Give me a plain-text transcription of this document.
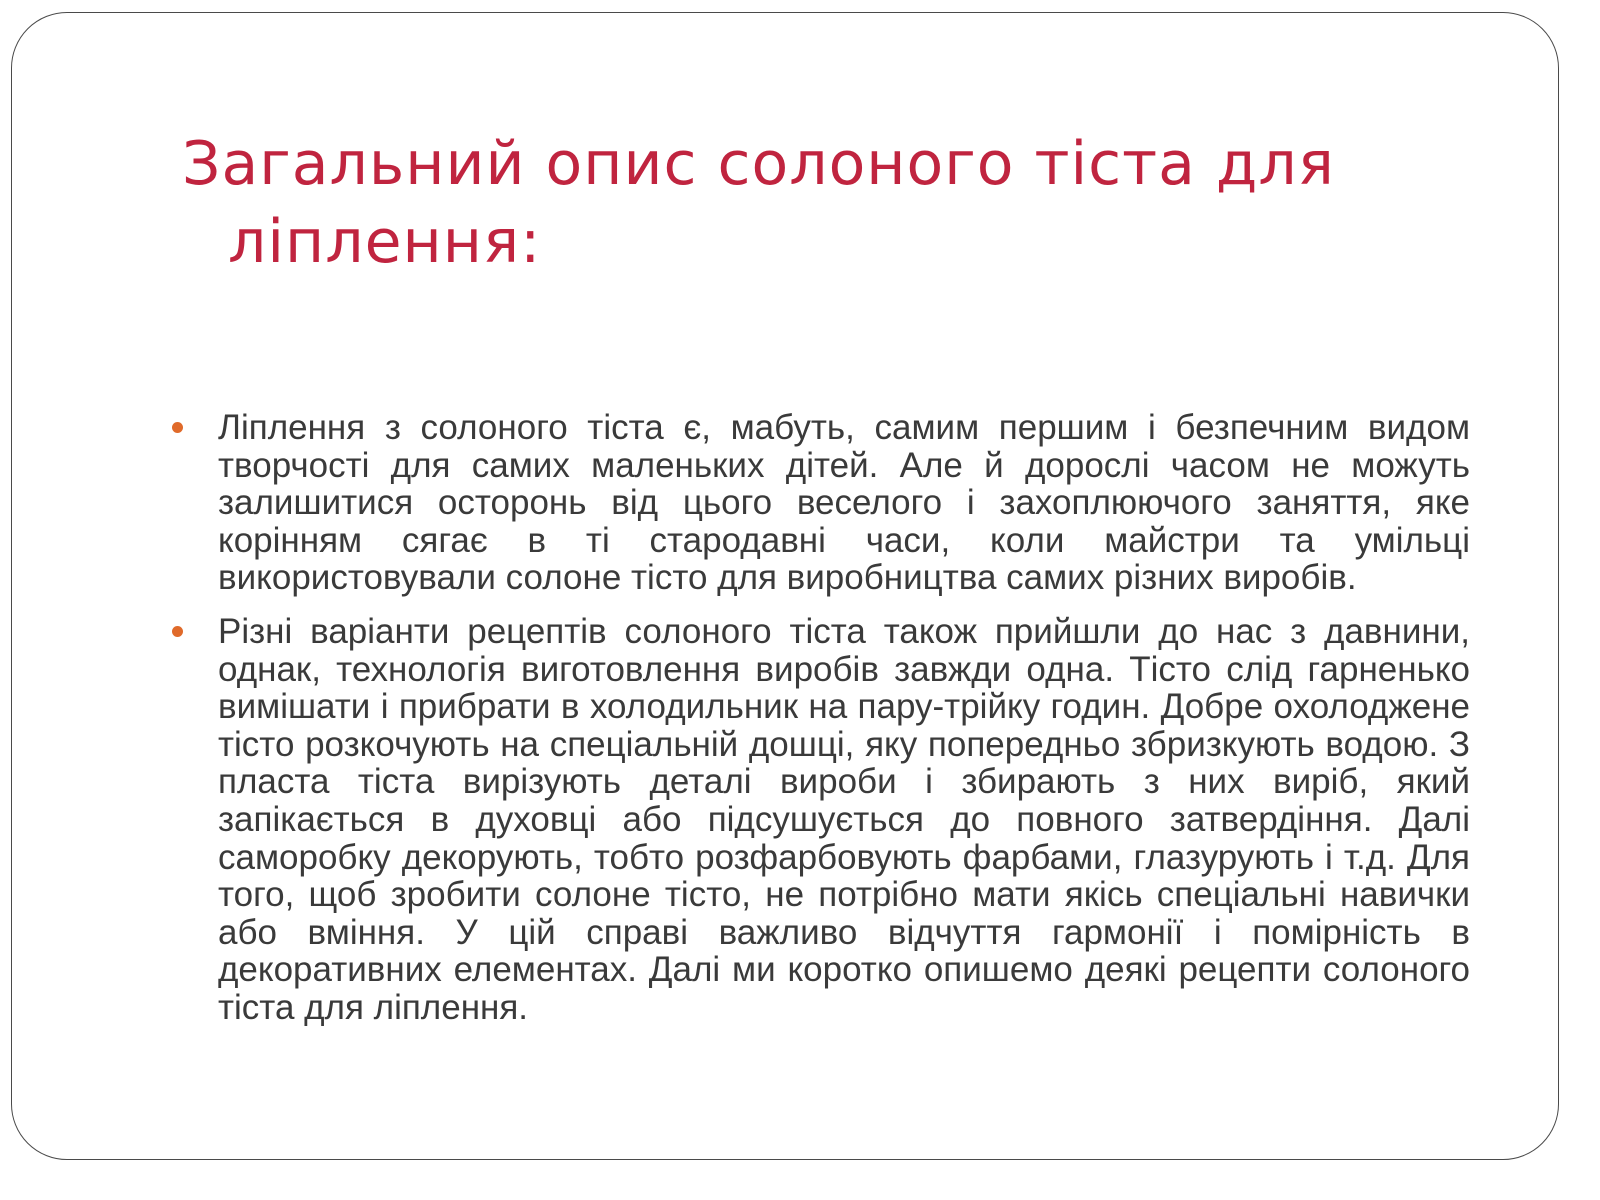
Загальний опис солоного тіста для
ліплення:
Ліплення з солоного тіста є, мабуть, самим першим і безпечним видом творчості для самих маленьких дітей. Але й дорослі часом не можуть залишитися осторонь від цього веселого і захоплюючого заняття, яке корінням сягає в ті стародавні часи, коли майстри та умільці використовували солоне тісто для виробництва самих різних виробів.
Різні варіанти рецептів солоного тіста також прийшли до нас з давнини, однак, технологія виготовлення виробів завжди одна. Тісто слід гарненько вимішати і прибрати в холодильник на пару-трійку годин. Добре охолоджене тісто розкочують на спеціальній дошці, яку попередньо збризкують водою. З пласта тіста вирізують деталі вироби і збирають з них виріб, який запікається в духовці або підсушується до повного затвердіння. Далі саморобку декорують, тобто розфарбовують фарбами, глазурують і т.д. Для того, щоб зробити солоне тісто, не потрібно мати якісь спеціальні навички або вміння. У цій справі важливо відчуття гармонії і помірність в декоративних елементах. Далі ми коротко опишемо деякі рецепти солоного тіста для ліплення.
